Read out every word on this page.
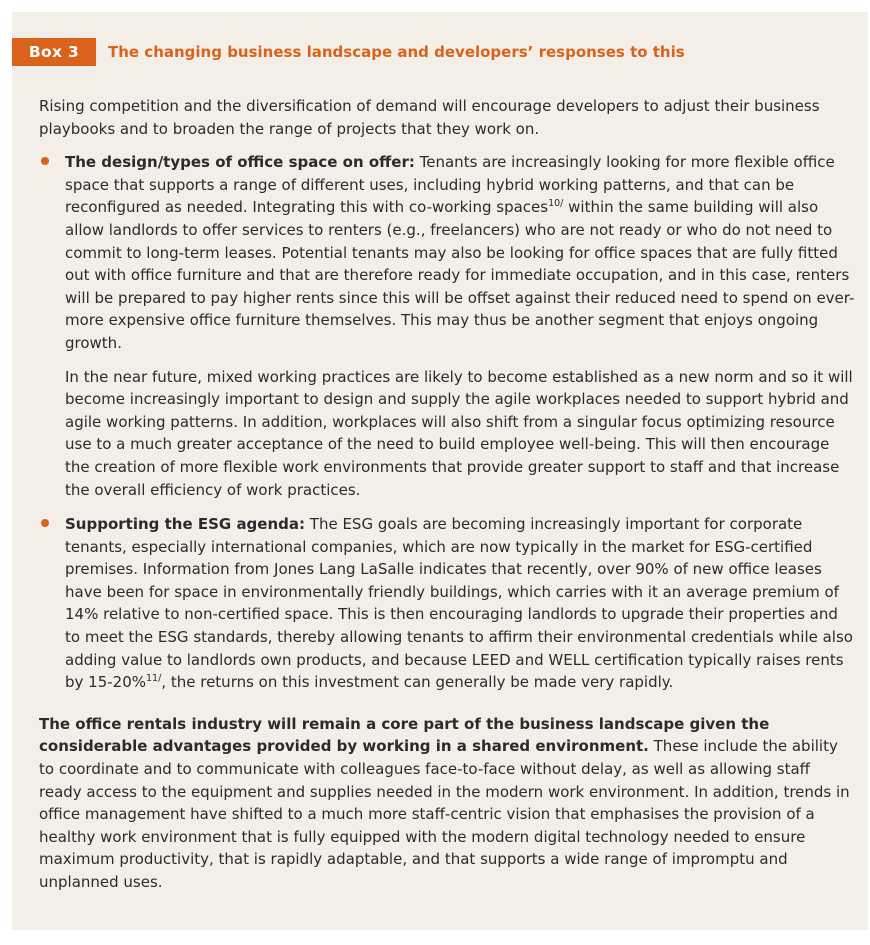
Box 3	The changing business landscape and developers’ responses to this

Rising competition and the diversification of demand will encourage developers to adjust their business playbooks and to broaden the range of projects that they work on.

The design/types of office space on offer: Tenants are increasingly looking for more flexible office space that supports a range of different uses, including hybrid working patterns, and that can be reconfigured as needed. Integrating this with co-working spaces$^{10/}$ within the same building will also allow landlords to offer services to renters (e.g., freelancers) who are not ready or who do not need to commit to long-term leases. Potential tenants may also be looking for office spaces that are fully fitted out with office furniture and that are therefore ready for immediate occupation, and in this case, renters will be prepared to pay higher rents since this will be offset against their reduced need to spend on ever-more expensive office furniture themselves. This may thus be another segment that enjoys ongoing growth.

In the near future, mixed working practices are likely to become established as a new norm and so it will become increasingly important to design and supply the agile workplaces needed to support hybrid and agile working patterns. In addition, workplaces will also shift from a singular focus optimizing resource use to a much greater acceptance of the need to build employee well-being. This will then encourage the creation of more flexible work environments that provide greater support to staff and that increase the overall efficiency of work practices.

Supporting the ESG agenda: The ESG goals are becoming increasingly important for corporate tenants, especially international companies, which are now typically in the market for ESG-certified premises. Information from Jones Lang LaSalle indicates that recently, over 90% of new office leases have been for space in environmentally friendly buildings, which carries with it an average premium of 14% relative to non-certified space. This is then encouraging landlords to upgrade their properties and to meet the ESG standards, thereby allowing tenants to affirm their environmental credentials while also adding value to landlords own products, and because LEED and WELL certification typically raises rents by 15-20%$^{11/}$, the returns on this investment can generally be made very rapidly.

The office rentals industry will remain a core part of the business landscape given the considerable advantages provided by working in a shared environment. These include the ability to coordinate and to communicate with colleagues face-to-face without delay, as well as allowing staff ready access to the equipment and supplies needed in the modern work environment. In addition, trends in office management have shifted to a much more staff-centric vision that emphasises the provision of a healthy work environment that is fully equipped with the modern digital technology needed to ensure maximum productivity, that is rapidly adaptable, and that supports a wide range of impromptu and unplanned uses.
